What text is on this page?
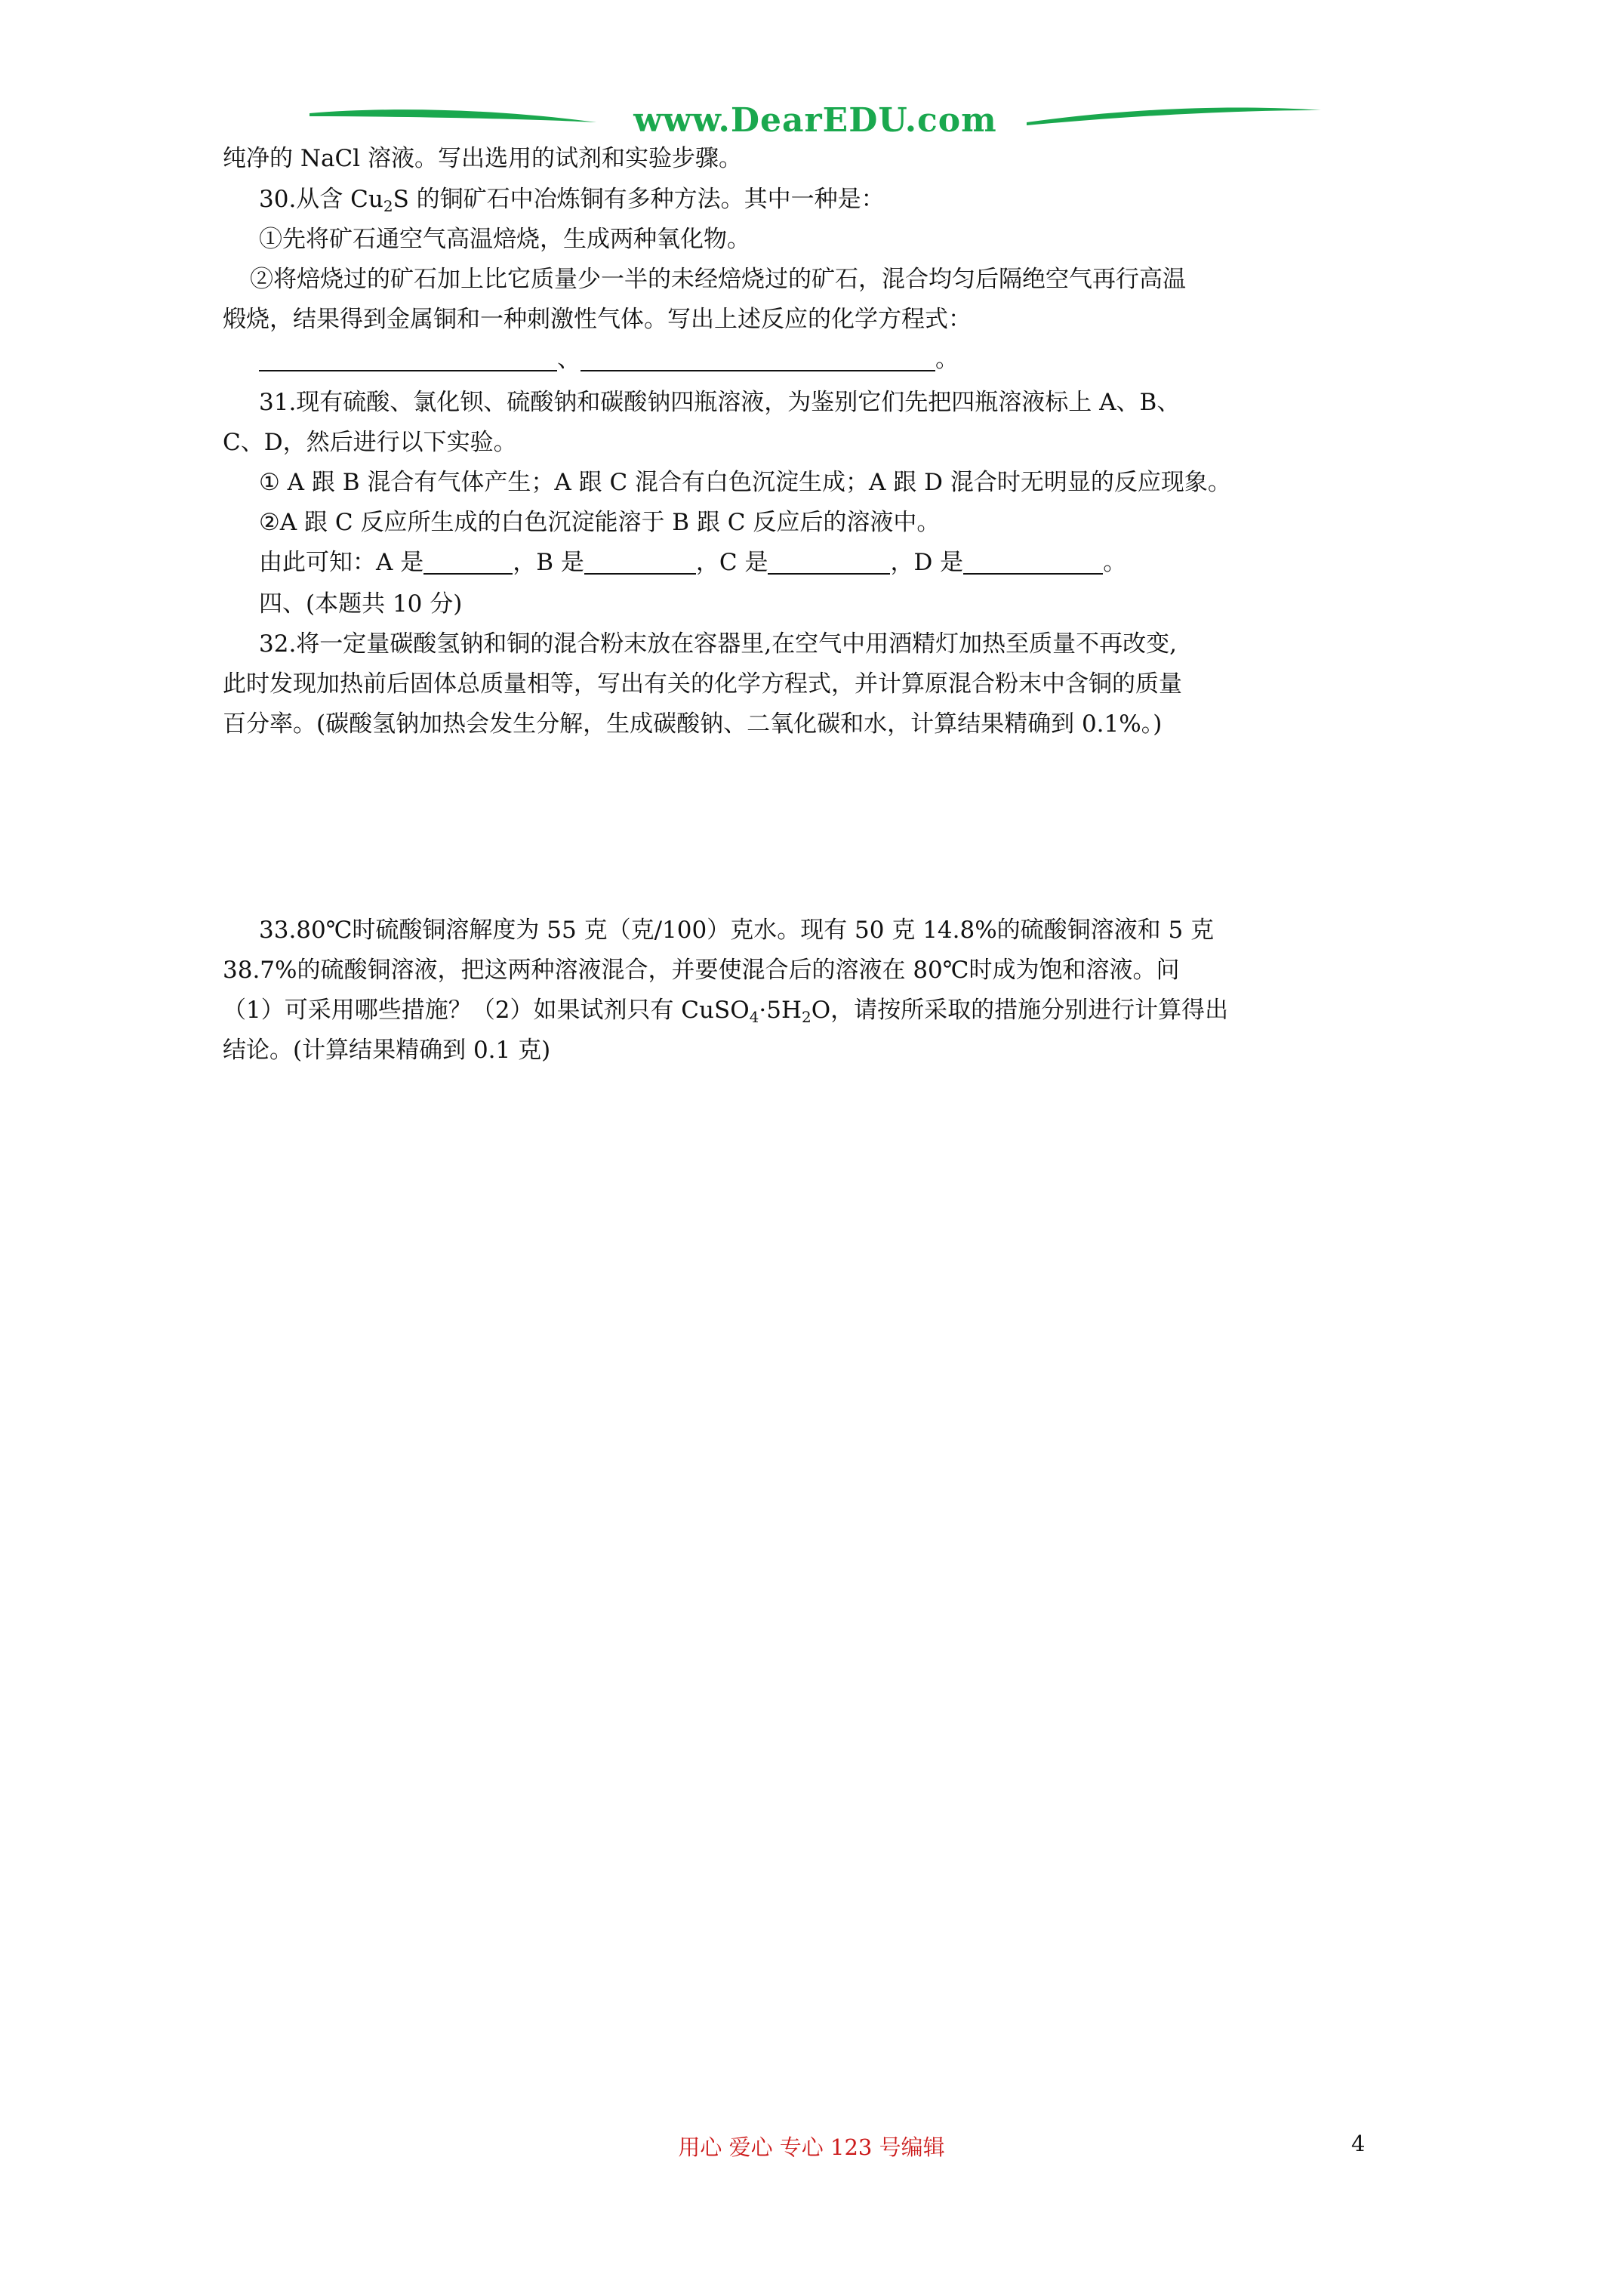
www.DearEDU.com
纯净的 NaCl 溶液。写出选用的试剂和实验步骤。
30.从含 $Cu_2S$ 的铜矿石中冶炼铜有多种方法。其中一种是：
①先将矿石通空气高温焙烧，生成两种氧化物。
②将焙烧过的矿石加上比它质量少一半的未经焙烧过的矿石，混合均匀后隔绝空气再行高温
煅烧，结果得到金属铜和一种刺激性气体。写出上述反应的化学方程式：
、	。
31.现有硫酸、氯化钡、硫酸钠和碳酸钠四瓶溶液，为鉴别它们先把四瓶溶液标上 A、B、
C、D，然后进行以下实验。
① A 跟 B 混合有气体产生；A 跟 C 混合有白色沉淀生成；A 跟 D 混合时无明显的反应现象。
②A 跟 C 反应所生成的白色沉淀能溶于 B 跟 C 反应后的溶液中。
由此可知：A 是	，B 是	，C 是	，D 是	。
四、(本题共 10 分)
32.将一定量碳酸氢钠和铜的混合粉末放在容器里,在空气中用酒精灯加热至质量不再改变,
此时发现加热前后固体总质量相等，写出有关的化学方程式，并计算原混合粉末中含铜的质量
百分率。(碳酸氢钠加热会发生分解，生成碳酸钠、二氧化碳和水，计算结果精确到 0.1%。)
33.80℃时硫酸铜溶解度为 55 克（克/100）克水。现有 50 克 14.8%的硫酸铜溶液和 5 克
38.7%的硫酸铜溶液，把这两种溶液混合，并要使混合后的溶液在 80℃时成为饱和溶液。问
（1）可采用哪些措施？（2）如果试剂只有 $CuSO_4\cdot 5H_2O$，请按所采取的措施分别进行计算得出
结论。(计算结果精确到 0.1 克)
用心 爱心 专心 123 号编辑	4
